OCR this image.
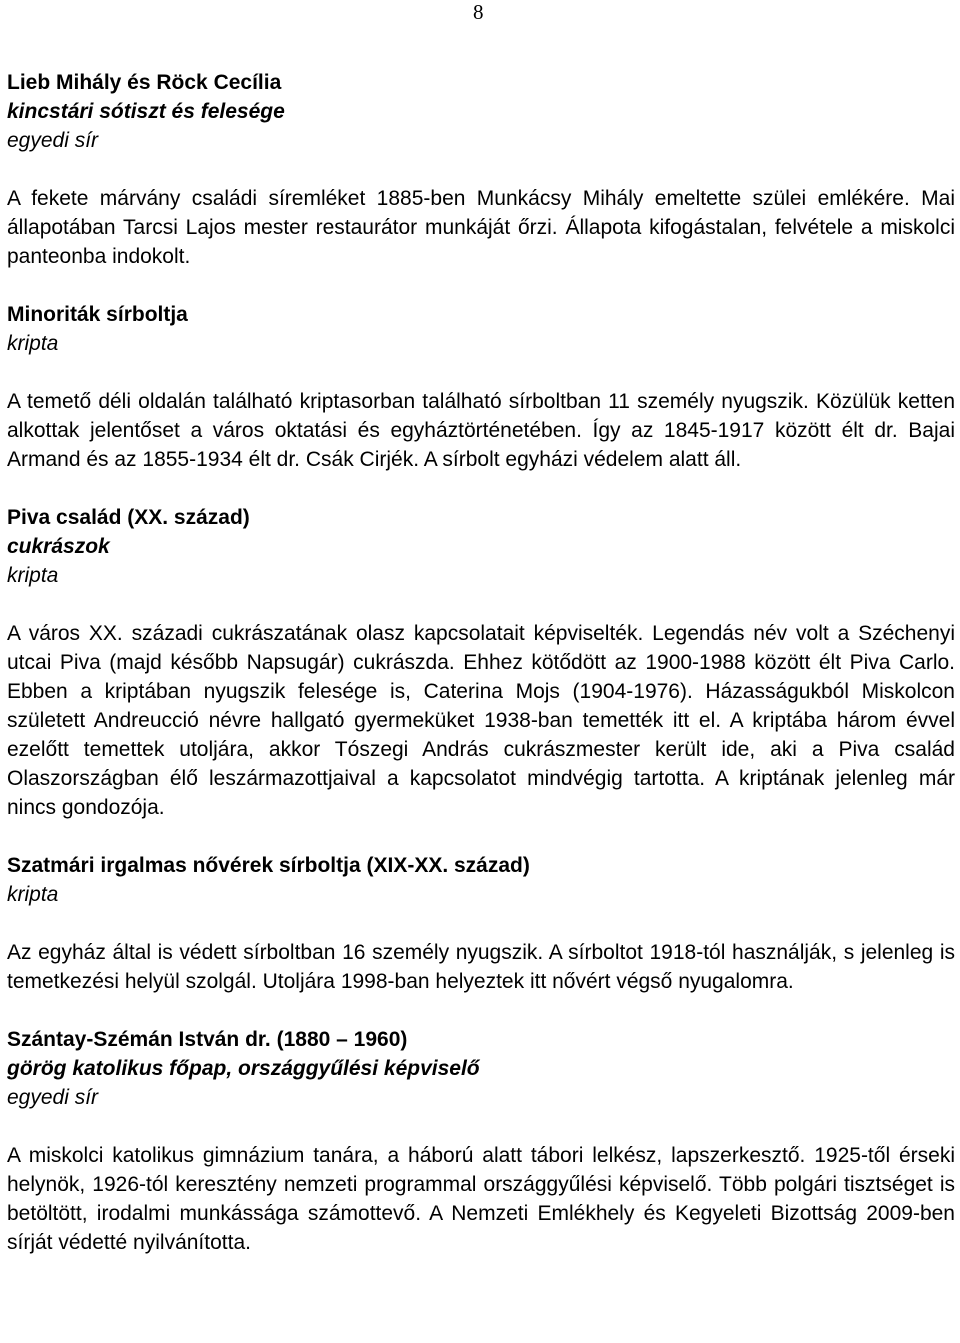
8
Lieb Mihály és Röck Cecília
kincstári sótiszt és felesége
egyedi sír

A fekete márvány családi síremléket 1885-ben Munkácsy Mihály emeltette szülei emlékére. Mai állapotában Tarcsi Lajos mester restaurátor munkáját őrzi. Állapota kifogástalan, felvétele a miskolci panteonba indokolt.

Minoriták sírboltja
kripta

A temető déli oldalán található kriptasorban található sírboltban 11 személy nyugszik. Közülük ketten alkottak jelentőset a város oktatási és egyháztörténetében. Így az 1845-1917 között élt dr. Bajai Armand és az 1855-1934 élt dr. Csák Cirjék. A sírbolt egyházi védelem alatt áll.

Piva család (XX. század)
cukrászok
kripta

A város XX. századi cukrászatának olasz kapcsolatait képviselték. Legendás név volt a Széchenyi utcai Piva (majd később Napsugár) cukrászda. Ehhez kötődött az 1900-1988 között élt Piva Carlo. Ebben a kriptában nyugszik felesége is, Caterina Mojs (1904-1976). Házasságukból Miskolcon született Andreucció névre hallgató gyermeküket 1938-ban temették itt el. A kriptába három évvel ezelőtt temettek utoljára, akkor Tószegi András cukrászmester került ide, aki a Piva család Olaszországban élő leszármazottjaival a kapcsolatot mindvégig tartotta. A kriptának jelenleg már nincs gondozója.

Szatmári irgalmas nővérek sírboltja (XIX-XX. század)
kripta

Az egyház által is védett sírboltban 16 személy nyugszik. A sírboltot 1918-tól használják, s jelenleg is temetkezési helyül szolgál. Utoljára 1998-ban helyeztek itt nővért végső nyugalomra.

Szántay-Szémán István dr. (1880 – 1960)
görög katolikus főpap, országgyűlési képviselő
egyedi sír

A miskolci katolikus gimnázium tanára, a háború alatt tábori lelkész, lapszerkesztő. 1925-től érseki helynök, 1926-tól keresztény nemzeti programmal országgyűlési képviselő. Több polgári tisztséget is betöltött, irodalmi munkássága számottevő. A Nemzeti Emlékhely és Kegyeleti Bizottság 2009-ben sírját védetté nyilvánította.
